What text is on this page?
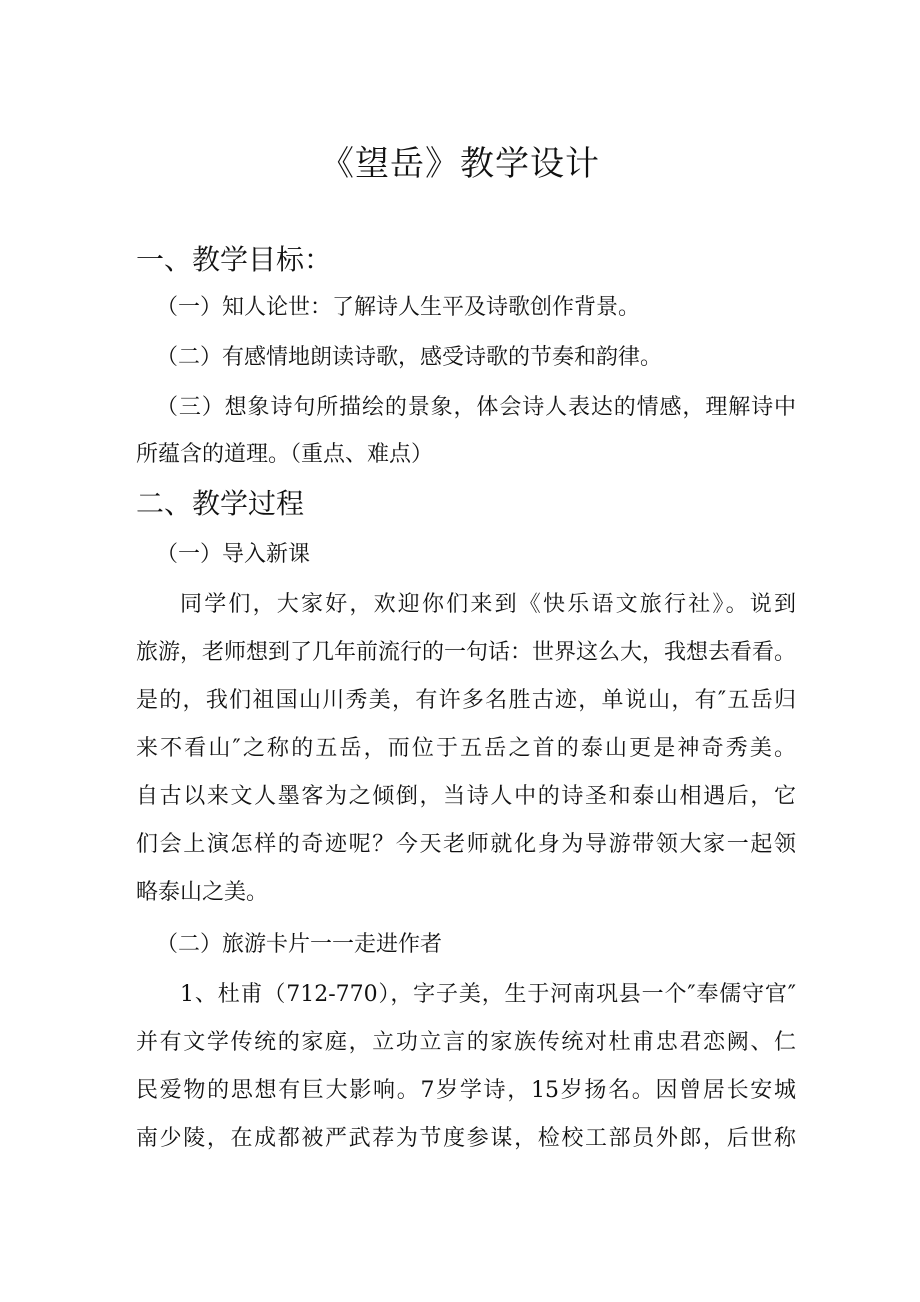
《望岳》教学设计
一、教学目标：
（一）知人论世：了解诗人生平及诗歌创作背景。
（二）有感情地朗读诗歌，感受诗歌的节奏和韵律。
（三）想象诗句所描绘的景象，体会诗人表达的情感，理解诗中
所蕴含的道理。（重点、难点）
二、教学过程
（一）导入新课
同学们，大家好，欢迎你们来到《快乐语文旅行社》。说到
旅游，老师想到了几年前流行的一句话：世界这么大，我想去看看。
是的，我们祖国山川秀美，有许多名胜古迹，单说山，有″五岳归
来不看山″之称的五岳，而位于五岳之首的泰山更是神奇秀美。
自古以来文人墨客为之倾倒，当诗人中的诗圣和泰山相遇后，它
们会上演怎样的奇迹呢？今天老师就化身为导游带领大家一起领
略泰山之美。
（二）旅游卡片一一走进作者
1、杜甫（712-770），字子美，生于河南巩县一个″奉儒守官″
并有文学传统的家庭，立功立言的家族传统对杜甫忠君恋阙、仁
民爱物的思想有巨大影响。7岁学诗，15岁扬名。因曾居长安城
南少陵，在成都被严武荐为节度参谋，检校工部员外郎，后世称
